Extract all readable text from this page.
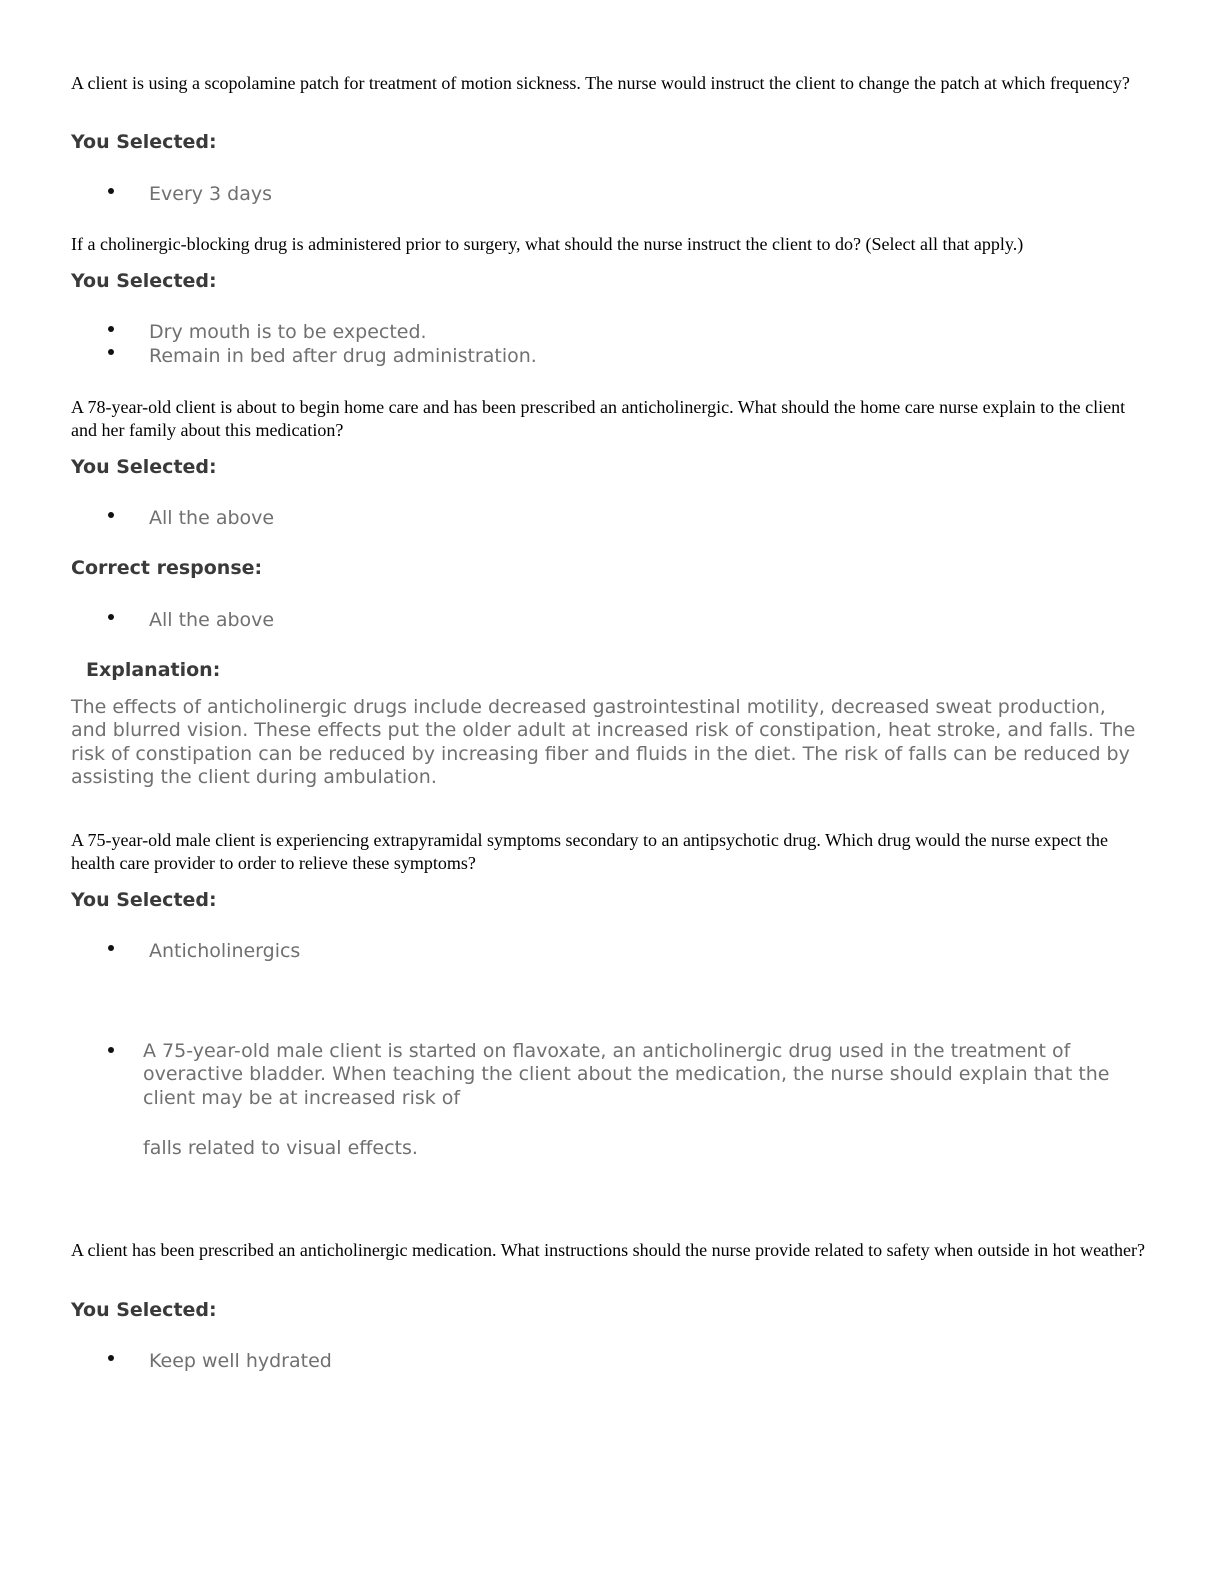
A client is using a scopolamine patch for treatment of motion sickness. The nurse would instruct the client to change the patch at which frequency?

You Selected:

Every 3 days

If a cholinergic-blocking drug is administered prior to surgery, what should the nurse instruct the client to do? (Select all that apply.)

You Selected:

Dry mouth is to be expected.

Remain in bed after drug administration.

A 78-year-old client is about to begin home care and has been prescribed an anticholinergic. What should the home care nurse explain to the client and her family about this medication?

You Selected:

All the above

Correct response:

All the above

Explanation:

The effects of anticholinergic drugs include decreased gastrointestinal motility, decreased sweat production, and blurred vision. These effects put the older adult at increased risk of constipation, heat stroke, and falls. The risk of constipation can be reduced by increasing fiber and fluids in the diet. The risk of falls can be reduced by assisting the client during ambulation.

A 75-year-old male client is experiencing extrapyramidal symptoms secondary to an antipsychotic drug. Which drug would the nurse expect the health care provider to order to relieve these symptoms?

You Selected:

Anticholinergics

A 75-year-old male client is started on flavoxate, an anticholinergic drug used in the treatment of overactive bladder. When teaching the client about the medication, the nurse should explain that the client may be at increased risk of

falls related to visual effects.

A client has been prescribed an anticholinergic medication. What instructions should the nurse provide related to safety when outside in hot weather?

You Selected:

Keep well hydrated
